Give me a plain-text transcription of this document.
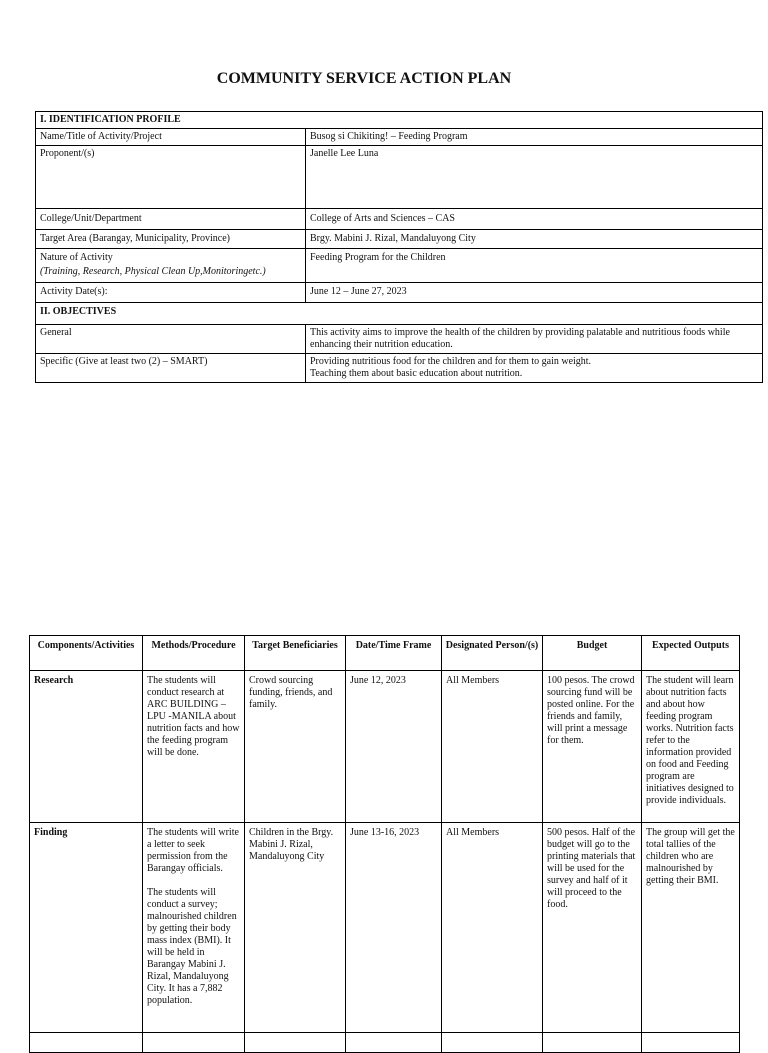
COMMUNITY SERVICE ACTION PLAN
I. IDENTIFICATION PROFILE	
Name/Title of Activity/Project	Busog si Chikiting! – Feeding Program
Proponent/(s)	Janelle Lee Luna
College/Unit/Department	College of Arts and Sciences – CAS
Target Area (Barangay, Municipality, Province)	Brgy. Mabini J. Rizal, Mandaluyong City

Nature of Activity

(Training, Research, Physical Clean Up,Monitoringetc.)	Feeding Program for the Children
Activity Date(s):	June 12 – June 27, 2023
II. OBJECTIVES	
General	This activity aims to improve the health of the children by providing palatable and nutritious foods while enhancing their nutrition education.
Specific (Give at least two (2) – SMART)	Providing nutritious food for the children and for them to gain weight.

Teaching them about basic education about nutrition.

Components/Activities	Methods/Procedure	Target Beneficiaries	Date/Time Frame	Designated Person/(s)	Budget	Expected Outputs
Research	The students will conduct research at ARC BUILDING – LPU -MANILA about nutrition facts and how the feeding program will be done.	Crowd sourcing funding, friends, and family.	June 12, 2023	All Members	100 pesos. The crowd sourcing fund will be posted online. For the friends and family, will print a message for them.	The student will learn about nutrition facts and about how feeding program works. Nutrition facts refer to the information provided on food and Feeding program are initiatives designed to provide individuals.
Finding	The students will write a letter to seek permission from the Barangay officials.

The students will conduct a survey; malnourished children by getting their body mass index (BMI). It will be held in Barangay Mabini J. Rizal, Mandaluyong City. It has a 7,882 population.	Children in the Brgy. Mabini J. Rizal, Mandaluyong City	June 13-16, 2023	All Members	500 pesos. Half of the budget will go to the printing materials that will be used for the survey and half of it will proceed to the food.	The group will get the total tallies of the children who are malnourished by getting their BMI.
